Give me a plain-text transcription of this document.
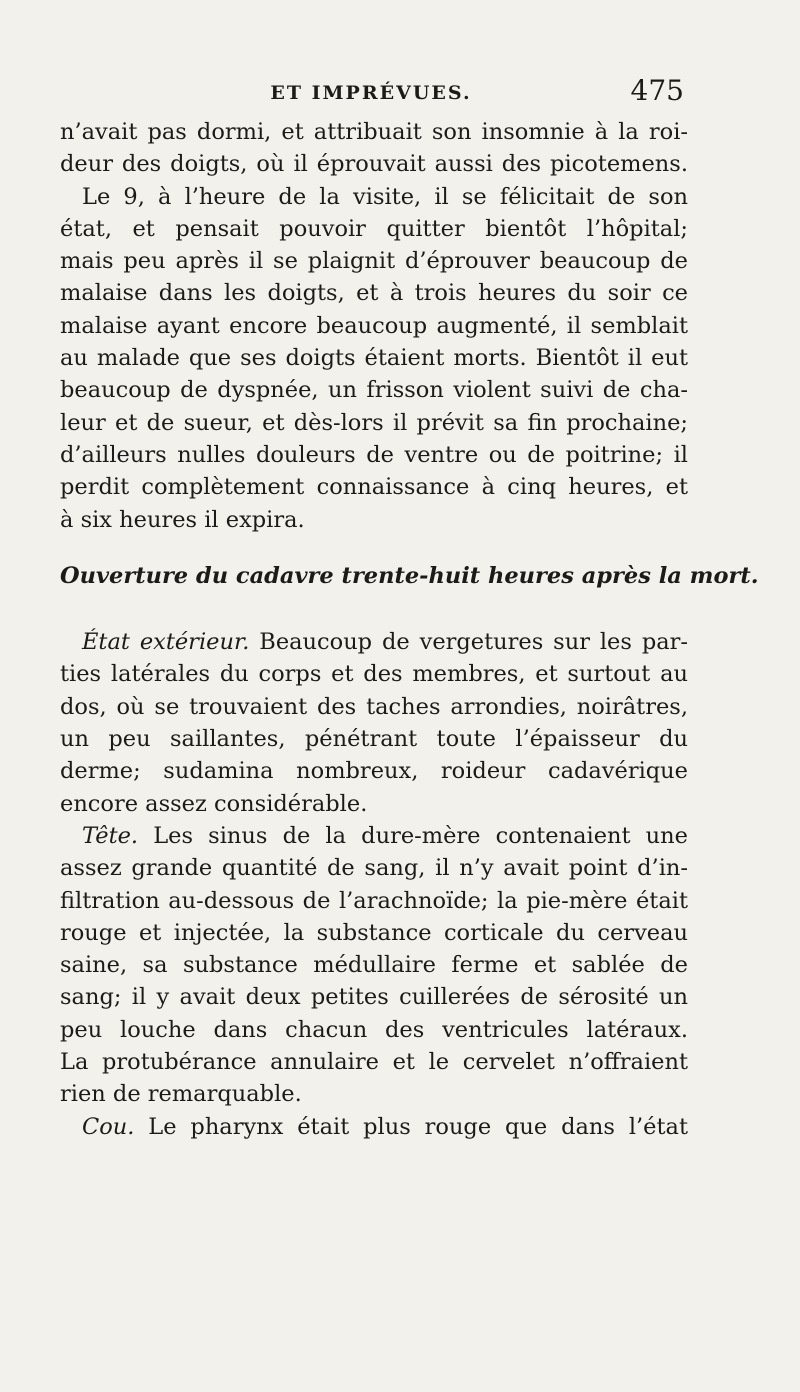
ET IMPRÉVUES.	475
n’avait pas dormi, et attribuait son insomnie à la roi-
deur des doigts, où il éprouvait aussi des picotemens.
Le 9, à l’heure de la visite, il se félicitait de son
état, et pensait pouvoir quitter bientôt l’hôpital;
mais peu après il se plaignit d’éprouver beaucoup de
malaise dans les doigts, et à trois heures du soir ce
malaise ayant encore beaucoup augmenté, il semblait
au malade que ses doigts étaient morts. Bientôt il eut
beaucoup de dyspnée, un frisson violent suivi de cha-
leur et de sueur, et dès-lors il prévit sa fin prochaine;
d’ailleurs nulles douleurs de ventre ou de poitrine; il
perdit complètement connaissance à cinq heures, et
à six heures il expira.
Ouverture du cadavre trente-huit heures après la mort.
État extérieur. Beaucoup de vergetures sur les par-
ties latérales du corps et des membres, et surtout au
dos, où se trouvaient des taches arrondies, noirâtres,
un peu saillantes, pénétrant toute l’épaisseur du
derme; sudamina nombreux, roideur cadavérique
encore assez considérable.
Tête. Les sinus de la dure-mère contenaient une
assez grande quantité de sang, il n’y avait point d’in-
filtration au-dessous de l’arachnoïde; la pie-mère était
rouge et injectée, la substance corticale du cerveau
saine, sa substance médullaire ferme et sablée de
sang; il y avait deux petites cuillerées de sérosité un
peu louche dans chacun des ventricules latéraux.
La protubérance annulaire et le cervelet n’offraient
rien de remarquable.
Cou. Le pharynx était plus rouge que dans l’état
